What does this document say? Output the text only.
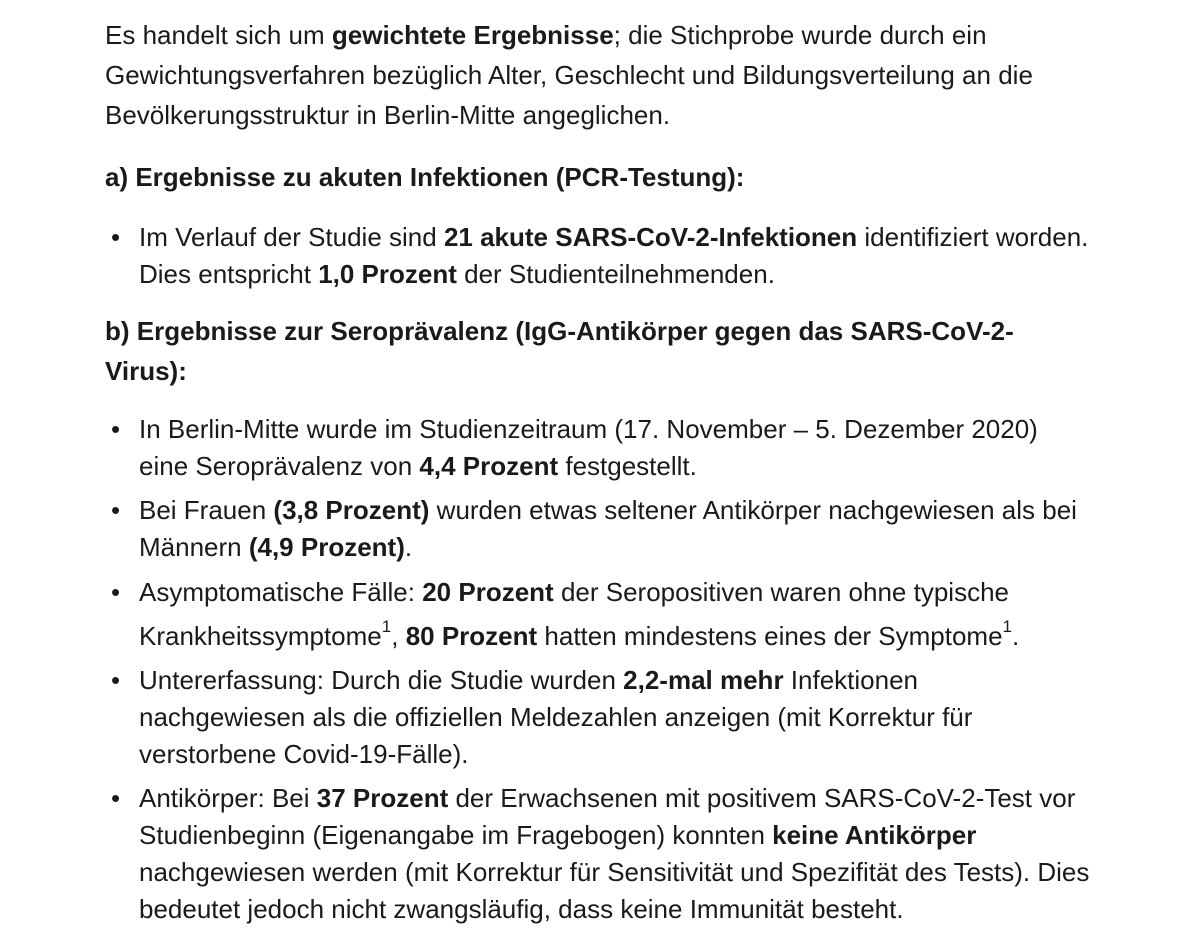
Es handelt sich um gewichtete Ergebnisse; die Stichprobe wurde durch ein Gewichtungsverfahren bezüglich Alter, Geschlecht und Bildungsverteilung an die Bevölkerungsstruktur in Berlin-Mitte angeglichen.

a) Ergebnisse zu akuten Infektionen (PCR-Testung):
• Im Verlauf der Studie sind 21 akute SARS-CoV-2-Infektionen identifiziert worden. Dies entspricht 1,0 Prozent der Studienteilnehmenden.
b) Ergebnisse zur Seroprävalenz (IgG-Antikörper gegen das SARS-CoV-2-Virus):
• In Berlin-Mitte wurde im Studienzeitraum (17. November – 5. Dezember 2020) eine Seroprävalenz von 4,4 Prozent festgestellt.
• Bei Frauen (3,8 Prozent) wurden etwas seltener Antikörper nachgewiesen als bei Männern (4,9 Prozent).
• Asymptomatische Fälle: 20 Prozent der Seropositiven waren ohne typische Krankheitssymptome$^1$, 80 Prozent hatten mindestens eines der Symptome$^1$.
• Untererfassung: Durch die Studie wurden 2,2-mal mehr Infektionen nachgewiesen als die offiziellen Meldezahlen anzeigen (mit Korrektur für verstorbene Covid-19-Fälle).
• Antikörper: Bei 37 Prozent der Erwachsenen mit positivem SARS-CoV-2-Test vor Studienbeginn (Eigenangabe im Fragebogen) konnten keine Antikörper nachgewiesen werden (mit Korrektur für Sensitivität und Spezifität des Tests). Dies bedeutet jedoch nicht zwangsläufig, dass keine Immunität besteht.
